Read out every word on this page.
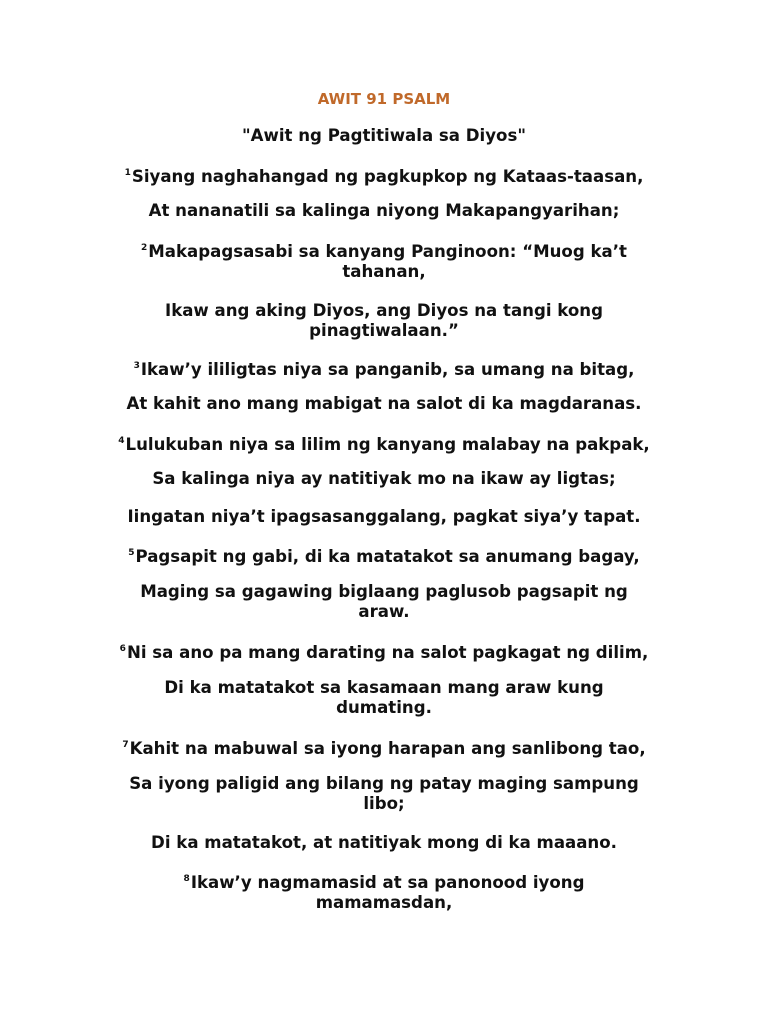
AWIT 91 PSALM
"Awit ng Pagtitiwala sa Diyos"
$^1$Siyang naghahangad ng pagkupkop ng Kataas-taasan,
At nananatili sa kalinga niyong Makapangyarihan;
$^2$Makapagsasabi sa kanyang Panginoon: “Muog ka’t
tahanan,
Ikaw ang aking Diyos, ang Diyos na tangi kong
pinagtiwalaan.”
$^3$Ikaw’y ililigtas niya sa panganib, sa umang na bitag,
At kahit ano mang mabigat na salot di ka magdaranas.
$^4$Lulukuban niya sa lilim ng kanyang malabay na pakpak,
Sa kalinga niya ay natitiyak mo na ikaw ay ligtas;
Iingatan niya’t ipagsasanggalang, pagkat siya’y tapat.
$^5$Pagsapit ng gabi, di ka matatakot sa anumang bagay,
Maging sa gagawing biglaang paglusob pagsapit ng
araw.
$^6$Ni sa ano pa mang darating na salot pagkagat ng dilim,
Di ka matatakot sa kasamaan mang araw kung
dumating.
$^7$Kahit na mabuwal sa iyong harapan ang sanlibong tao,
Sa iyong paligid ang bilang ng patay maging sampung
libo;
Di ka matatakot, at natitiyak mong di ka maaano.
$^8$Ikaw’y nagmamasid at sa panonood iyong
mamamasdan,
